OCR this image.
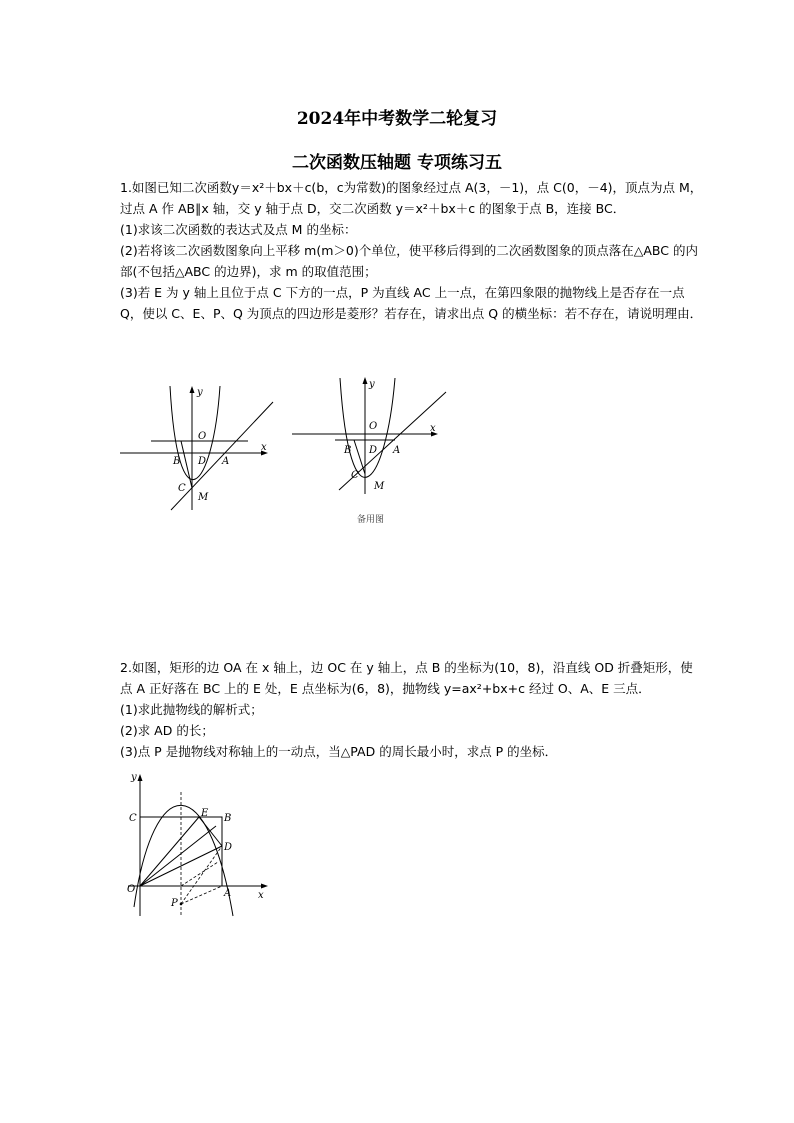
2024年中考数学二轮复习
二次函数压轴题 专项练习五

1.如图已知二次函数y＝x²＋bx＋c(b，c为常数)的图象经过点 A(3，－1)，点 C(0，－4)，顶点为点 M，过点 A 作 AB∥x 轴，交 y 轴于点 D，交二次函数 y＝x²＋bx＋c 的图象于点 B，连接 BC．

(1)求该二次函数的表达式及点 M 的坐标：

(2)若将该二次函数图象向上平移 m(m＞0)个单位，使平移后得到的二次函数图象的顶点落在△ABC 的内部(不包括△ABC 的边界)，求 m 的取值范围；

(3)若 E 为 y 轴上且位于点 C 下方的一点，P 为直线 AC 上一点，在第四象限的抛物线上是否存在一点 Q，使以 C、E、P、Q 为顶点的四边形是菱形？若存在，请求出点 Q 的横坐标：若不存在，请说明理由．

y
x
O
B D A
C
M
y
x
O
B D A
C
M
备用图

2.如图，矩形的边 OA 在 x 轴上，边 OC 在 y 轴上，点 B 的坐标为(10，8)，沿直线 OD 折叠矩形，使点 A 正好落在 BC 上的 E 处，E 点坐标为(6，8)，抛物线 y=ax²+bx+c 经过 O、A、E 三点．

(1)求此抛物线的解析式；

(2)求 AD 的长；

(3)点 P 是抛物线对称轴上的一动点，当△PAD 的周长最小时，求点 P 的坐标．

y
x
C	E B
D
O	A
P
